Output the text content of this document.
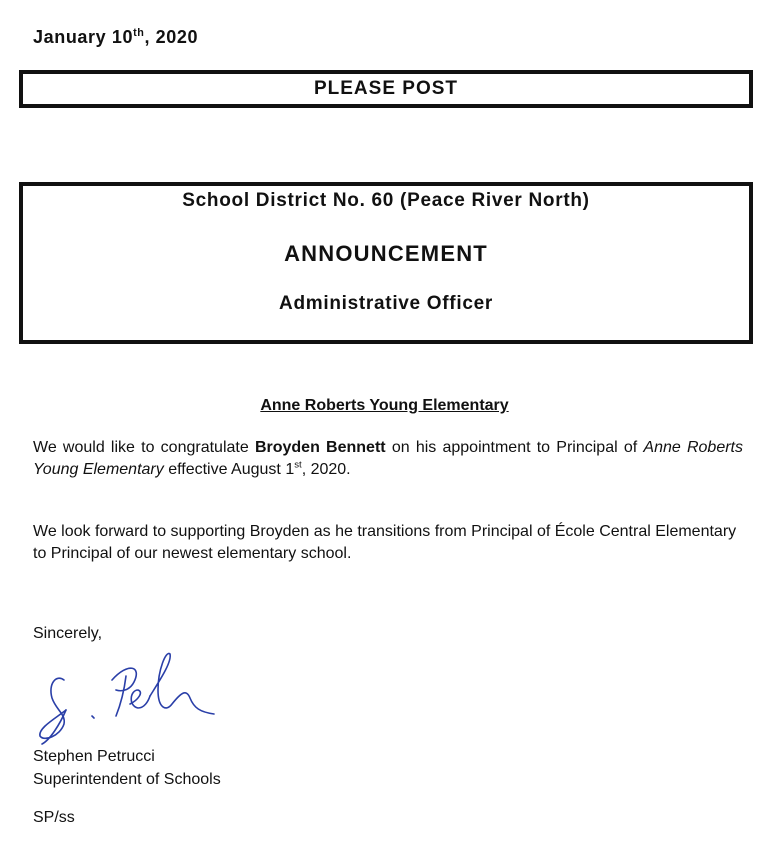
January 10th, 2020
PLEASE POST
School District No. 60 (Peace River North)
ANNOUNCEMENT
Administrative Officer
Anne Roberts Young Elementary
We would like to congratulate Broyden Bennett on his appointment to Principal of Anne Roberts Young Elementary effective August 1st, 2020.
We look forward to supporting Broyden as he transitions from Principal of École Central Elementary to Principal of our newest elementary school.
Sincerely,
Stephen Petrucci
Superintendent of Schools
SP/ss
